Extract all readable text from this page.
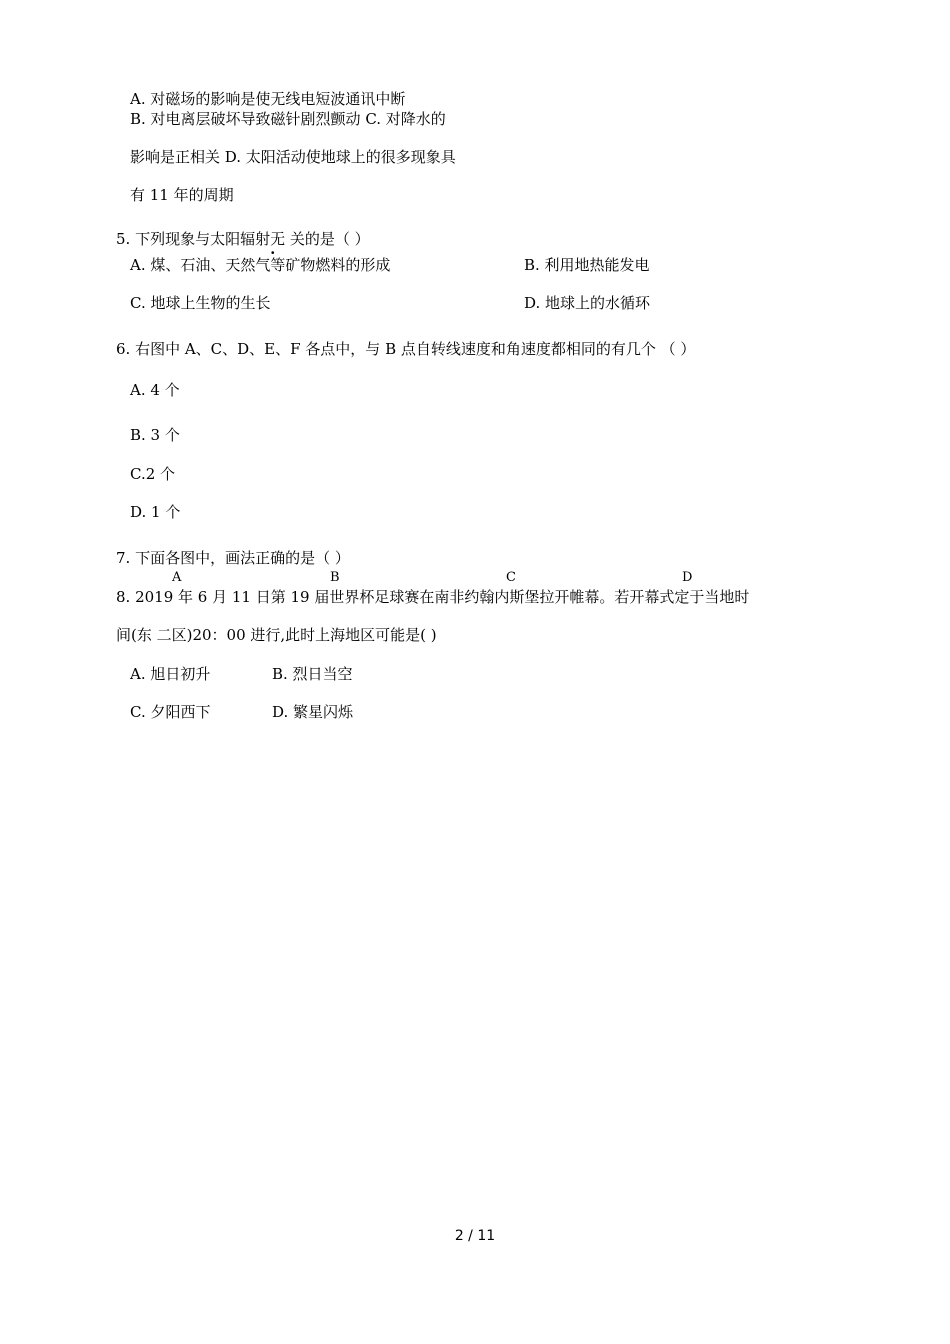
A. 对磁场的影响是使无线电短波通讯中断
B. 对电离层破坏导致磁针剧烈颤动 C. 对降水的
影响是正相关 D. 太阳活动使地球上的很多现象具
有 11 年的周期
5. 下列现象与太阳辐射无 关的是（ ）
A. 煤、石油、天然气等矿物燃料的形成	B. 利用地热能发电
C. 地球上生物的生长	D. 地球上的水循环
6. 右图中 A、C、D、E、F 各点中，与 B 点自转线速度和角速度都相同的有几个 （ ）
A. 4 个
B. 3 个
C.2 个
D. 1 个
7. 下面各图中，画法正确的是（ ）
A	B	C	D
8. 2019 年 6 月 11 日第 19 届世界杯足球赛在南非约翰内斯堡拉开帷幕。若开幕式定于当地时
间(东 二区)20：00 进行,此时上海地区可能是( )
A. 旭日初升	B. 烈日当空
C. 夕阳西下	D. 繁星闪烁
2 / 11
